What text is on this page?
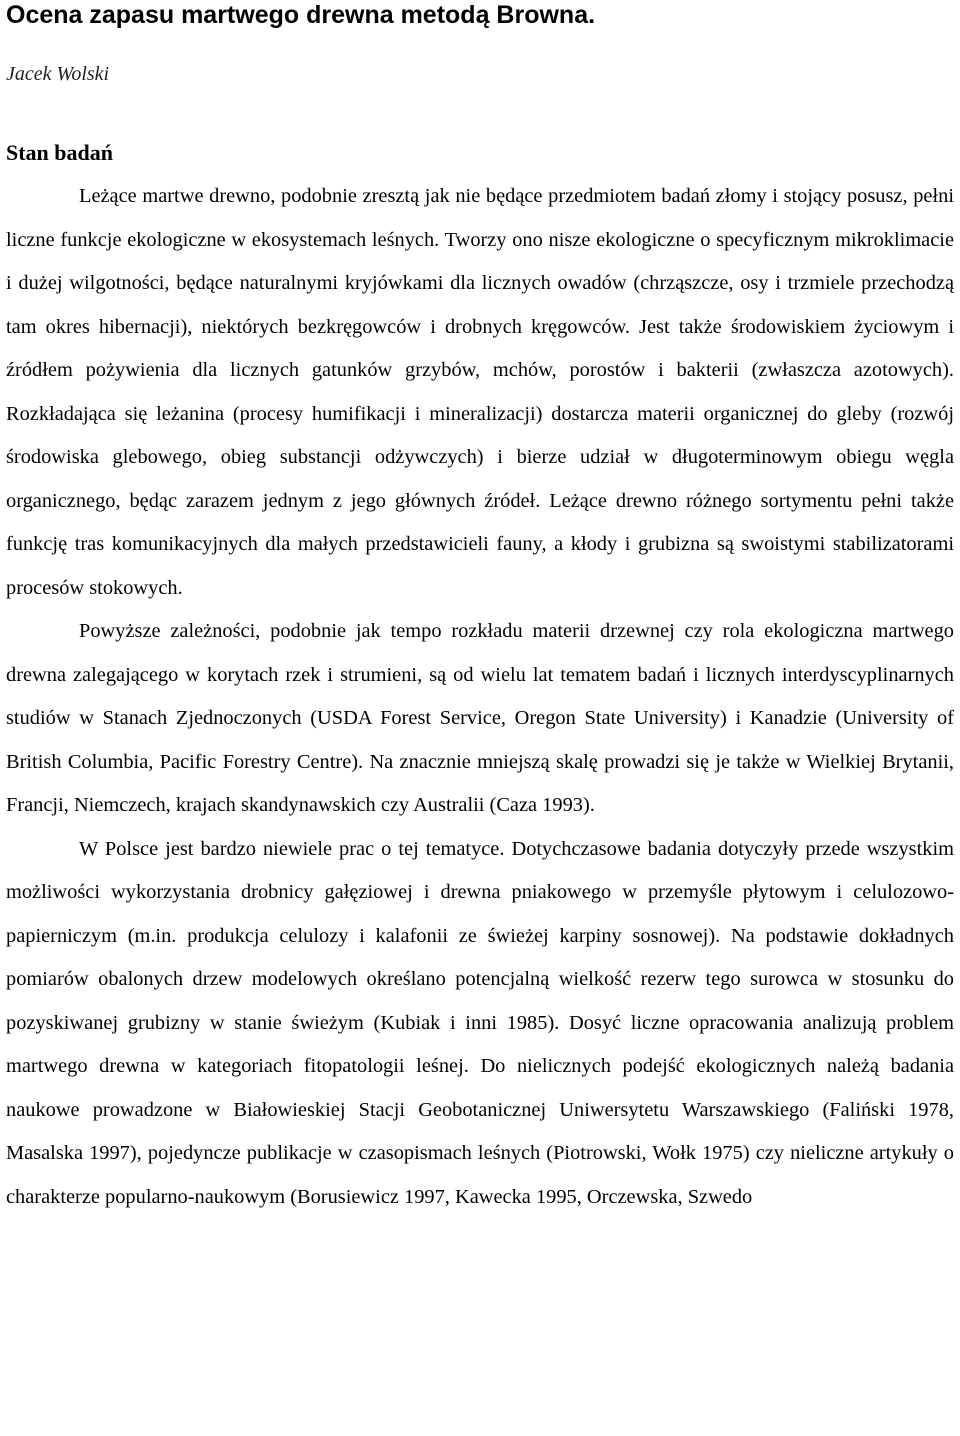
Ocena zapasu martwego drewna metodą Browna.
Jacek Wolski
Stan badań

Leżące martwe drewno, podobnie zresztą jak nie będące przedmiotem badań złomy i stojący posusz, pełni liczne funkcje ekologiczne w ekosystemach leśnych. Tworzy ono nisze ekologiczne o specyficznym mikroklimacie i dużej wilgotności, będące naturalnymi kryjówkami dla licznych owadów (chrząszcze, osy i trzmiele przechodzą tam okres hibernacji), niektórych bezkręgowców i drobnych kręgowców. Jest także środowiskiem życiowym i źródłem pożywienia dla licznych gatunków grzybów, mchów, porostów i bakterii (zwłaszcza azotowych). Rozkładająca się leżanina (procesy humifikacji i mineralizacji) dostarcza materii organicznej do gleby (rozwój środowiska glebowego, obieg substancji odżywczych) i bierze udział w długoterminowym obiegu węgla organicznego, będąc zarazem jednym z jego głównych źródeł. Leżące drewno różnego sortymentu pełni także funkcję tras komunikacyjnych dla małych przedstawicieli fauny, a kłody i grubizna są swoistymi stabilizatorami procesów stokowych.

Powyższe zależności, podobnie jak tempo rozkładu materii drzewnej czy rola ekologiczna martwego drewna zalegającego w korytach rzek i strumieni, są od wielu lat tematem badań i licznych interdyscyplinarnych studiów w Stanach Zjednoczonych (USDA Forest Service, Oregon State University) i Kanadzie (University of British Columbia, Pacific Forestry Centre). Na znacznie mniejszą skalę prowadzi się je także w Wielkiej Brytanii, Francji, Niemczech, krajach skandynawskich czy Australii (Caza 1993).

W Polsce jest bardzo niewiele prac o tej tematyce. Dotychczasowe badania dotyczyły przede wszystkim możliwości wykorzystania drobnicy gałęziowej i drewna pniakowego w przemyśle płytowym i celulozowo-papierniczym (m.in. produkcja celulozy i kalafonii ze świeżej karpiny sosnowej). Na podstawie dokładnych pomiarów obalonych drzew modelowych określano potencjalną wielkość rezerw tego surowca w stosunku do pozyskiwanej grubizny w stanie świeżym (Kubiak i inni 1985). Dosyć liczne opracowania analizują problem martwego drewna w kategoriach fitopatologii leśnej. Do nielicznych podejść ekologicznych należą badania naukowe prowadzone w Białowieskiej Stacji Geobotanicznej Uniwersytetu Warszawskiego (Faliński 1978, Masalska 1997), pojedyncze publikacje w czasopismach leśnych (Piotrowski, Wołk 1975) czy nieliczne artykuły o charakterze popularno-naukowym (Borusiewicz 1997, Kawecka 1995, Orczewska, Szwedo
